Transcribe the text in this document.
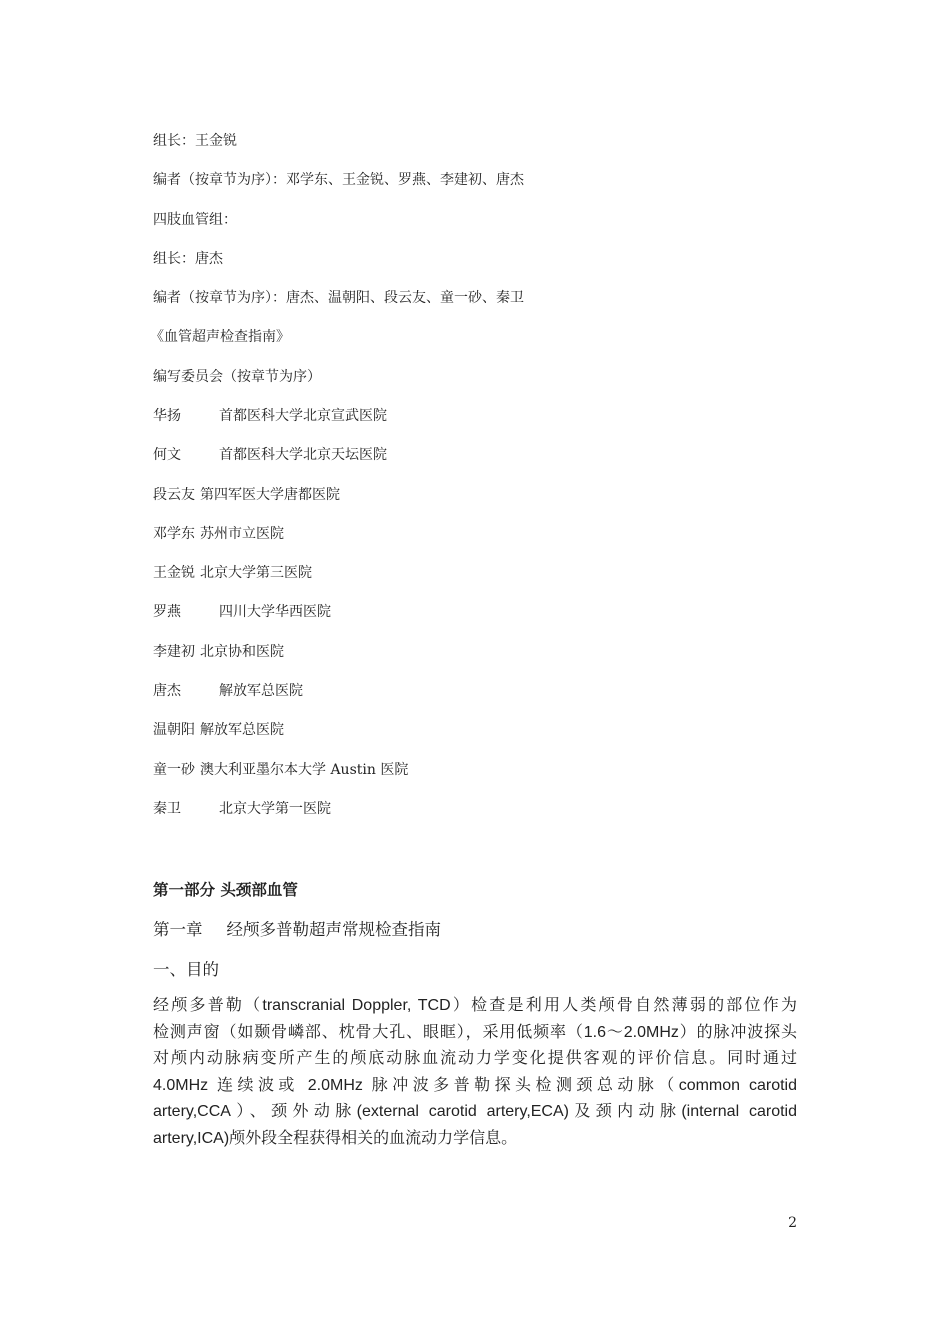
组长：王金锐
编者（按章节为序）：邓学东、王金锐、罗燕、李建初、唐杰
四肢血管组：
组长：唐杰
编者（按章节为序）：唐杰、温朝阳、段云友、童一砂、秦卫
《血管超声检查指南》
编写委员会（按章节为序）
华扬	首都医科大学北京宣武医院
何文	首都医科大学北京天坛医院
段云友 第四军医大学唐都医院
邓学东 苏州市立医院
王金锐 北京大学第三医院
罗燕	四川大学华西医院
李建初 北京协和医院
唐杰	解放军总医院
温朝阳 解放军总医院
童一砂 澳大利亚墨尔本大学 Austin 医院
秦卫	北京大学第一医院
第一部分 头颈部血管
第一章 经颅多普勒超声常规检查指南
一、目的
经颅多普勒（transcranial Doppler, TCD）检查是利用人类颅骨自然薄弱的部位作为
检测声窗（如颞骨嶙部、枕骨大孔、眼眶），采用低频率（1.6～2.0MHz）的脉冲波探头
对颅内动脉病变所产生的颅底动脉血流动力学变化提供客观的评价信息。同时通过
4.0MHz 连续波或 2.0MHz 脉冲波多普勒探头检测颈总动脉（common carotid
artery,CCA）、颈外动脉(external carotid artery,ECA)及颈内动脉(internal carotid
artery,ICA)颅外段全程获得相关的血流动力学信息。
2
